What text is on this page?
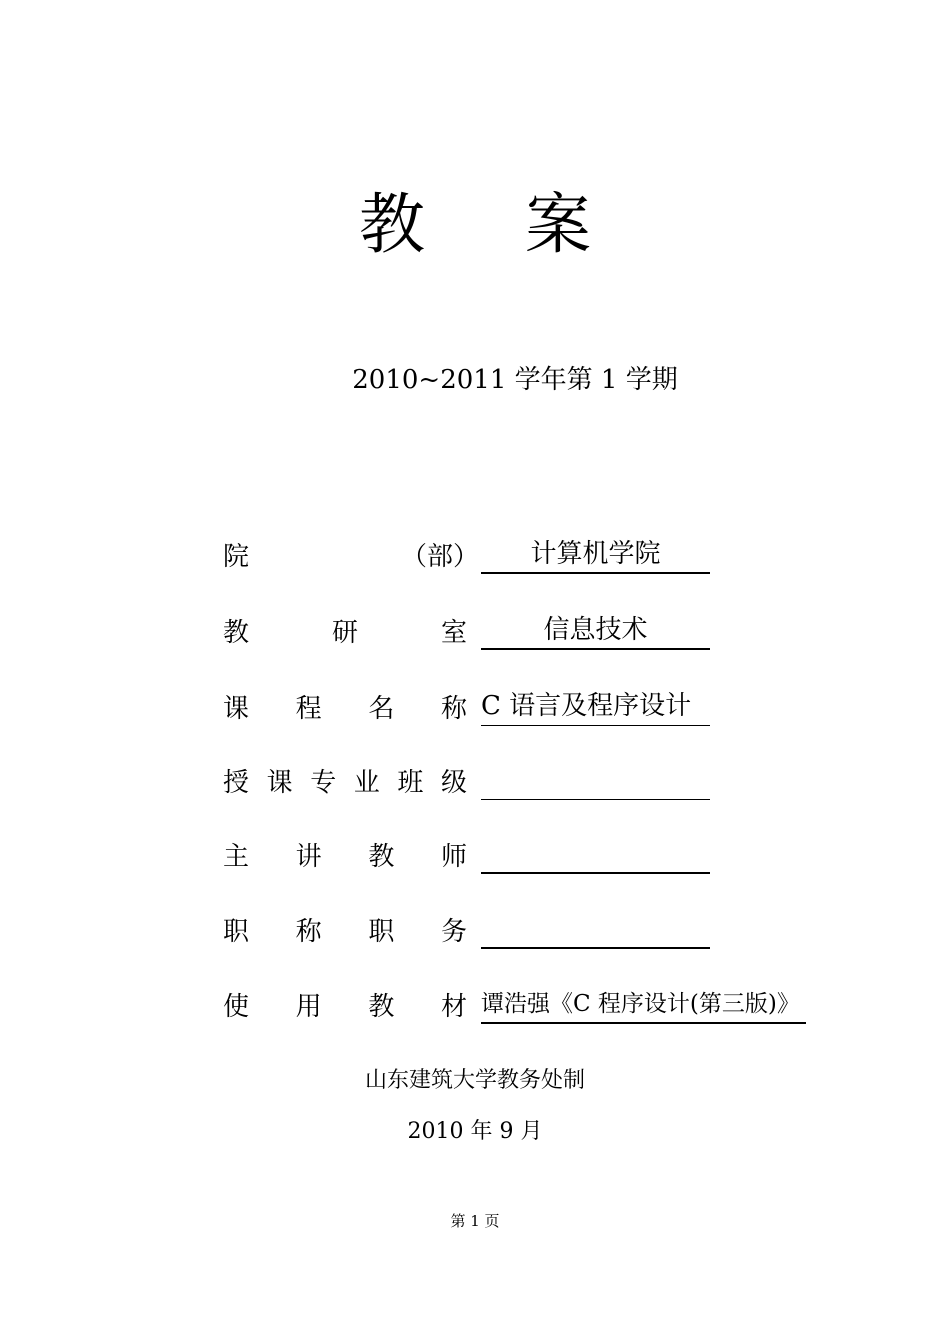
教 案
2010~2011 学年第 1 学期
院	（部）	计算机学院
教	研	室	信息技术
课 程 名 称 C 语言及程序设计
授 课 专 业 班 级
主 讲 教 师
职 称 职 务
使 用 教 材 谭浩强《C 程序设计(第三版)》
山东建筑大学教务处制
2010 年 9 月
第 1 页
